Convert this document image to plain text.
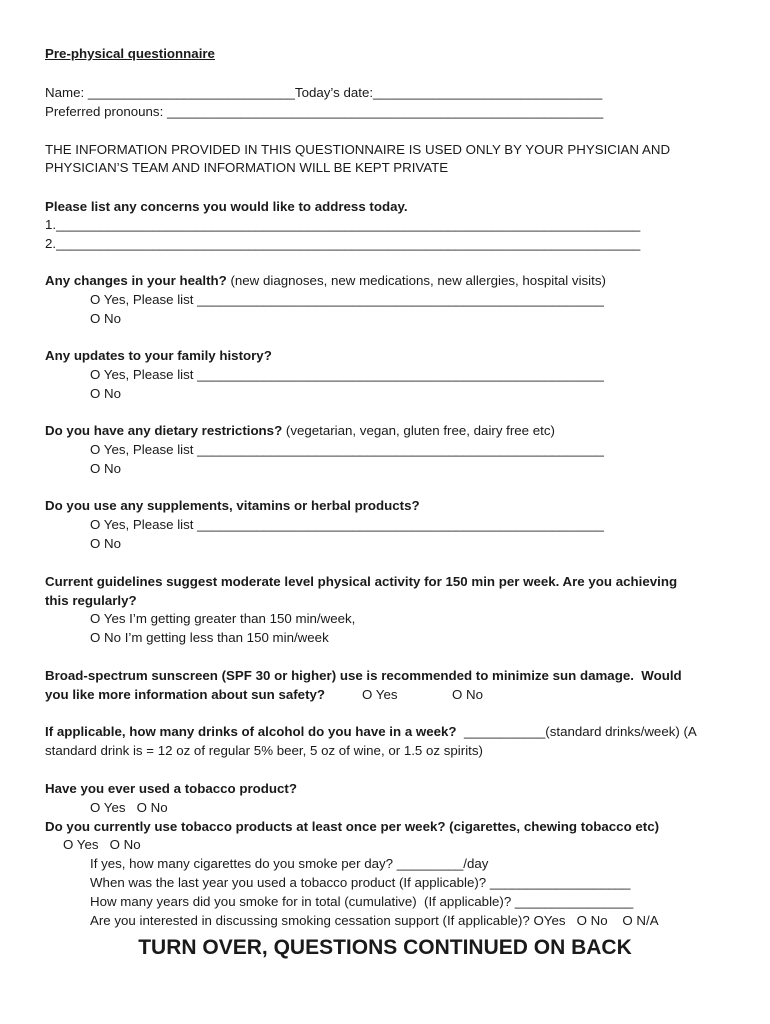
Pre-physical questionnaire
Name: ____________________________Today’s date:_______________________________
Preferred pronouns: ___________________________________________________________
THE INFORMATION PROVIDED IN THIS QUESTIONNAIRE IS USED ONLY BY YOUR PHYSICIAN AND
PHYSICIAN’S TEAM AND INFORMATION WILL BE KEPT PRIVATE
Please list any concerns you would like to address today.
1._______________________________________________________________________________
2._______________________________________________________________________________
Any changes in your health? (new diagnoses, new medications, new allergies, hospital visits)
O Yes, Please list _______________________________________________________
O No
Any updates to your family history?
O Yes, Please list _______________________________________________________
O No
Do you have any dietary restrictions? (vegetarian, vegan, gluten free, dairy free etc)
O Yes, Please list _______________________________________________________
O No
Do you use any supplements, vitamins or herbal products?
O Yes, Please list _______________________________________________________
O No
Current guidelines suggest moderate level physical activity for 150 min per week. Are you achieving
this regularly?
O Yes I’m getting greater than 150 min/week,
O No I’m getting less than 150 min/week
Broad-spectrum sunscreen (SPF 30 or higher) use is recommended to minimize sun damage.  Would
you like more information about sun safety?	O Yes	O No
If applicable, how many drinks of alcohol do you have in a week?  ___________(standard drinks/week) (A
standard drink is = 12 oz of regular 5% beer, 5 oz of wine, or 1.5 oz spirits)
Have you ever used a tobacco product?
O Yes   O No
Do you currently use tobacco products at least once per week? (cigarettes, chewing tobacco etc)
O Yes   O No
If yes, how many cigarettes do you smoke per day? _________/day
When was the last year you used a tobacco product (If applicable)? ___________________
How many years did you smoke for in total (cumulative)  (If applicable)? ________________
Are you interested in discussing smoking cessation support (If applicable)? OYes   O No    O N/A
TURN OVER, QUESTIONS CONTINUED ON BACK
